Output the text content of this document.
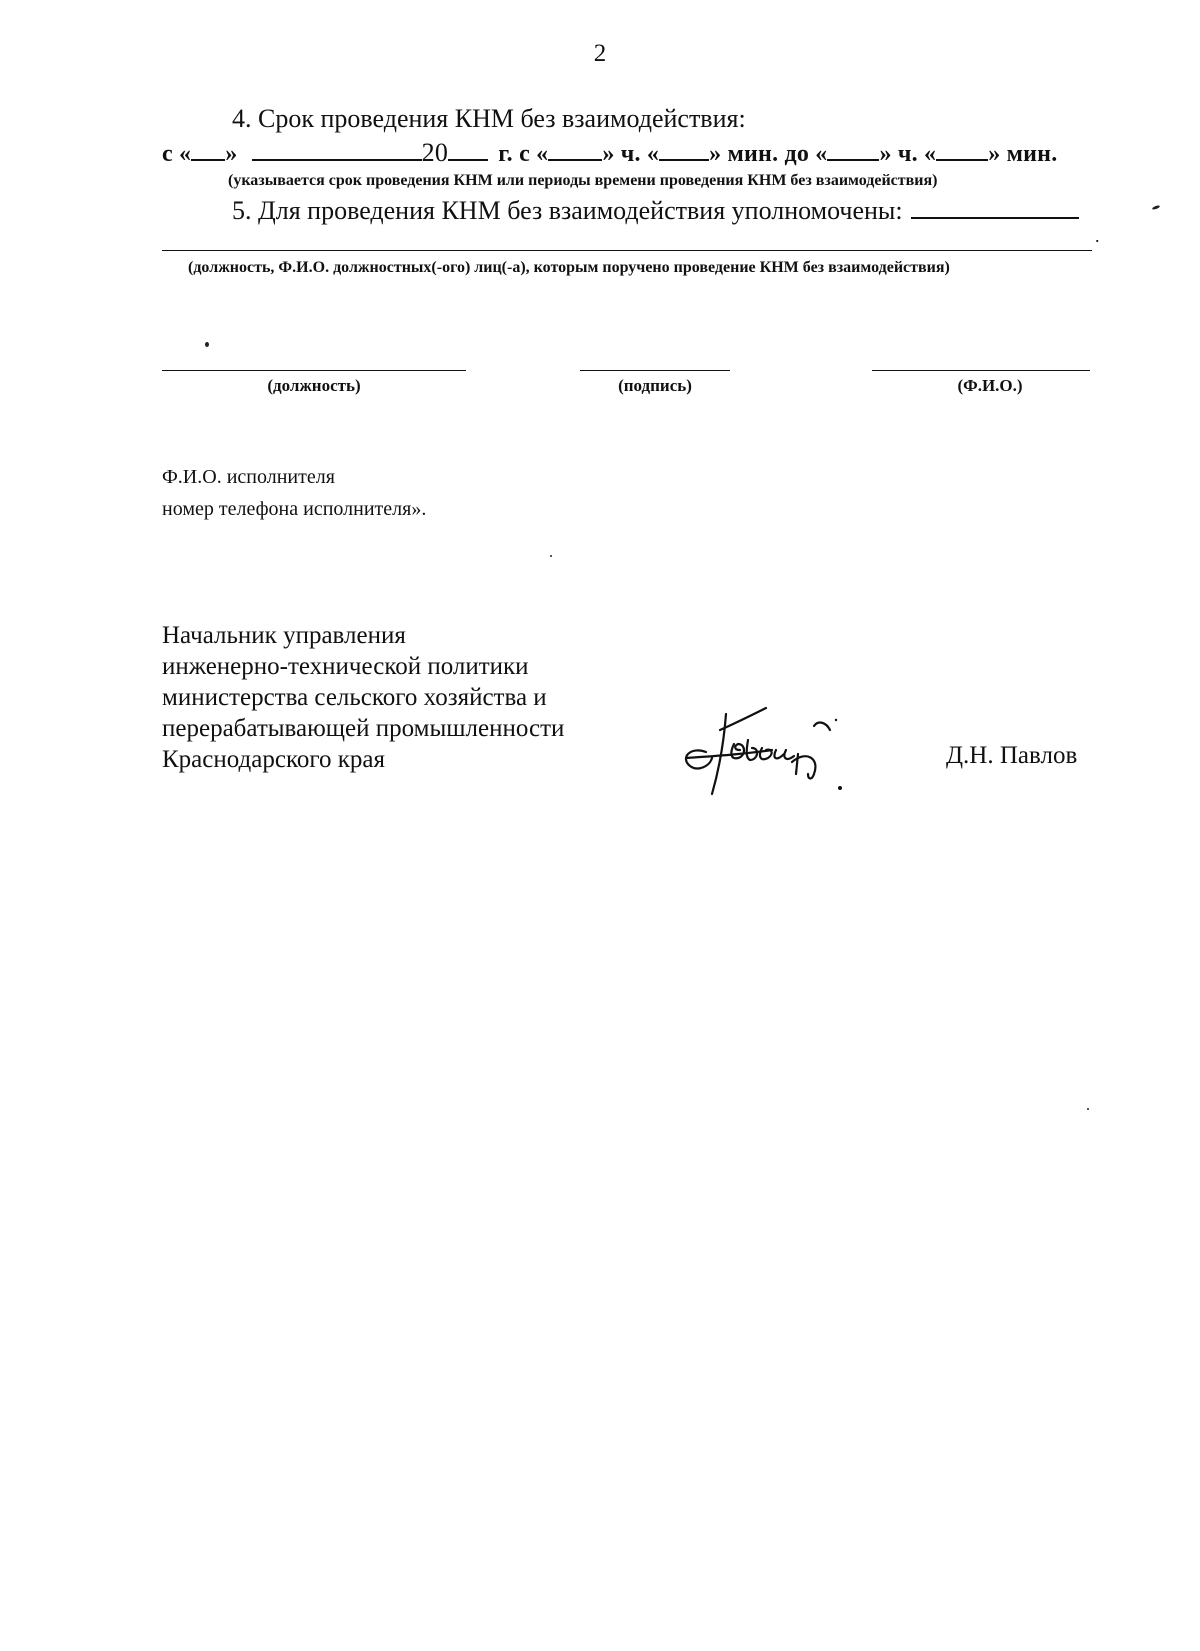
2
4. Срок проведения КНМ без взаимодействия:
с « »	20 г. с « » ч. « » мин. до « » ч. « » мин.
(указывается срок проведения КНМ или периоды времени проведения КНМ без взаимодействия)
5. Для проведения КНМ без взаимодействия уполномочены:
.
(должность, Ф.И.О. должностных(-ого) лиц(-а), которым поручено проведение КНМ без взаимодействия)
(должность)	(подпись)	(Ф.И.О.)
Ф.И.О. исполнителя
номер телефона исполнителя».
Начальник управления
инженерно-технической политики
министерства сельского хозяйства и
перерабатывающей промышленности
Краснодарского края	Д.Н. Павлов
